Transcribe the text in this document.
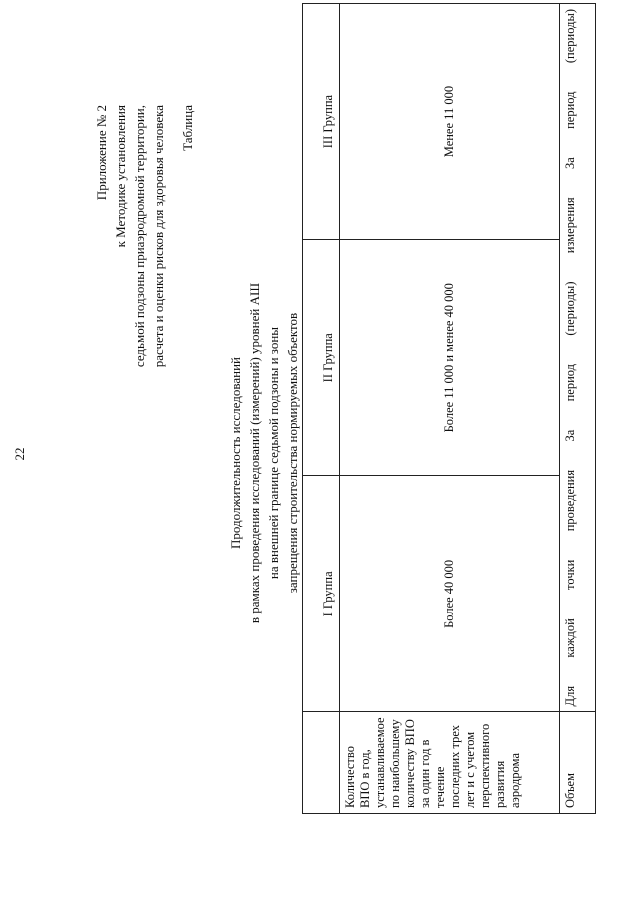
22
Приложение № 2 к Методике установления седьмой подзоны приаэродромной территории, расчета и оценки рисков для здоровья человека Таблица
Продолжительность исследований в рамках проведения исследований (измерений) уровней АШ на внешней границе седьмой подзоны и зоны запрещения строительства нормируемых объектов
	I Группа	II Группа	III Группа
Количество ВПО в год, устанавливаемое по наибольшему количеству ВПО за один год в течение последних трех лет и с учетом перспективного развития аэродрома	Более 40 000	Более 11 000 и менее 40 000	Менее 11 000
Объем	Для каждой точки проведения За период (периоды) измерения За период (периоды)		
